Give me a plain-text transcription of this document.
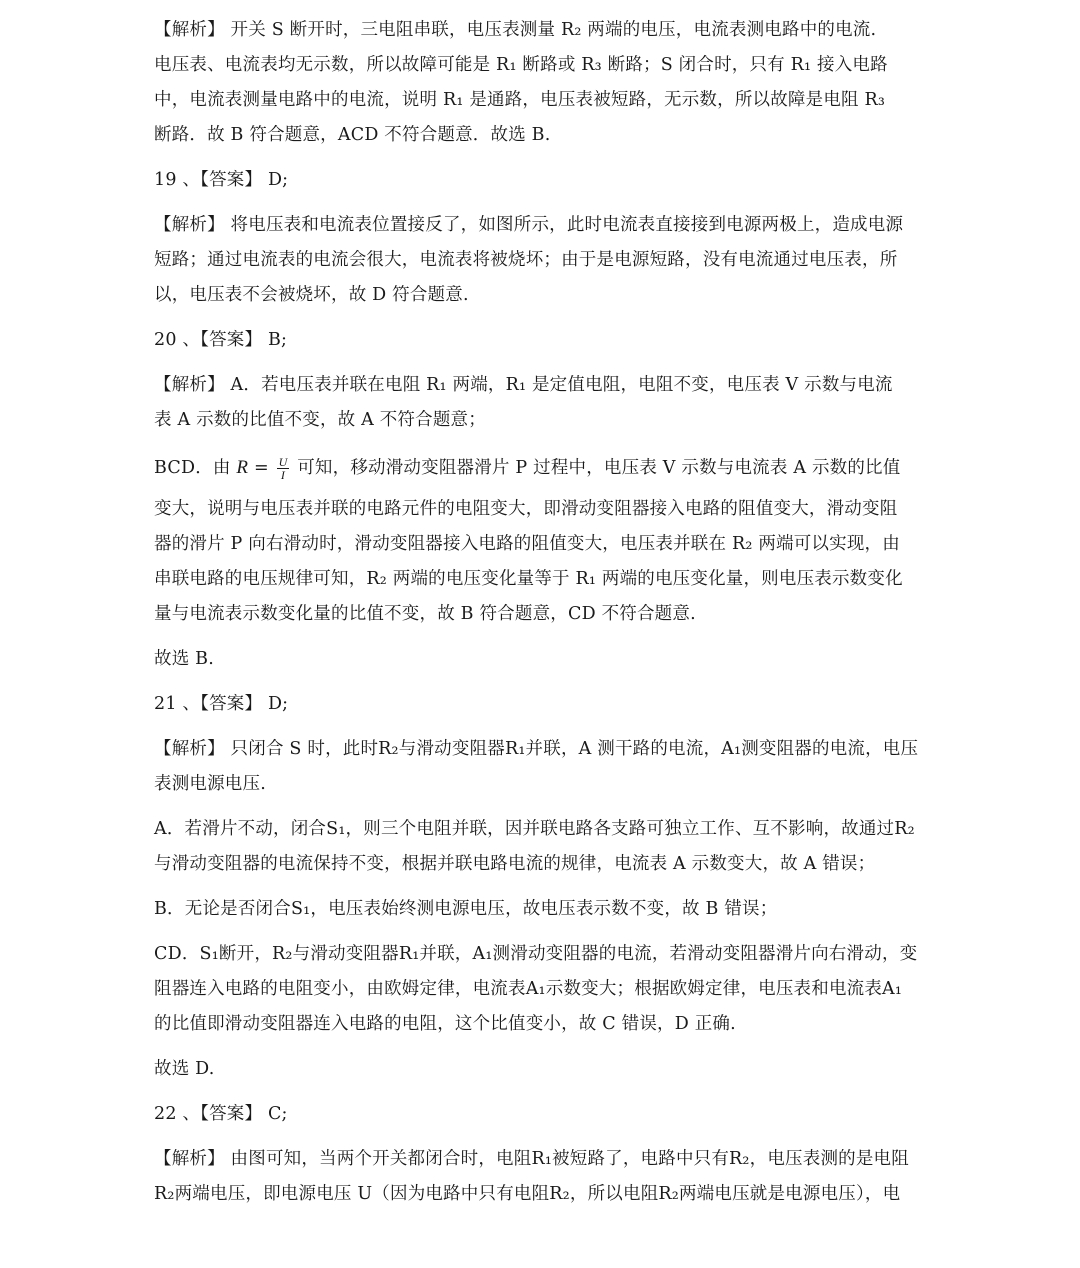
【解析】 开关 S 断开时，三电阻串联，电压表测量 R₂ 两端的电压，电流表测电路中的电流.
电压表、电流表均无示数，所以故障可能是 R₁ 断路或 R₃ 断路；S 闭合时，只有 R₁ 接入电路
中，电流表测量电路中的电流，说明 R₁ 是通路，电压表被短路，无示数，所以故障是电阻 R₃
断路．故 B 符合题意，ACD 不符合题意．故选 B.
19 、【答案】 D;
【解析】 将电压表和电流表位置接反了，如图所示，此时电流表直接接到电源两极上，造成电源
短路；通过电流表的电流会很大，电流表将被烧坏；由于是电源短路，没有电流通过电压表，所
以，电压表不会被烧坏，故 D 符合题意.
20 、【答案】 B;
【解析】 A．若电压表并联在电阻 R₁ 两端，R₁ 是定值电阻，电阻不变，电压表 V 示数与电流
表 A 示数的比值不变，故 A 不符合题意；
BCD．由 $R = \frac{U}{I}$ 可知，移动滑动变阻器滑片 P 过程中，电压表 V 示数与电流表 A 示数的比值
变大，说明与电压表并联的电路元件的电阻变大，即滑动变阻器接入电路的阻值变大，滑动变阻
器的滑片 P 向右滑动时，滑动变阻器接入电路的阻值变大，电压表并联在 R₂ 两端可以实现，由
串联电路的电压规律可知，R₂ 两端的电压变化量等于 R₁ 两端的电压变化量，则电压表示数变化
量与电流表示数变化量的比值不变，故 B 符合题意，CD 不符合题意.
故选 B.
21 、【答案】 D;
【解析】 只闭合 S 时，此时R₂与滑动变阻器R₁并联，A 测干路的电流，A₁测变阻器的电流，电压
表测电源电压.
A．若滑片不动，闭合S₁，则三个电阻并联，因并联电路各支路可独立工作、互不影响，故通过R₂
与滑动变阻器的电流保持不变，根据并联电路电流的规律，电流表 A 示数变大，故 A 错误；
B．无论是否闭合S₁，电压表始终测电源电压，故电压表示数不变，故 B 错误；
CD．S₁断开，R₂与滑动变阻器R₁并联，A₁测滑动变阻器的电流，若滑动变阻器滑片向右滑动，变
阻器连入电路的电阻变小，由欧姆定律，电流表A₁示数变大；根据欧姆定律，电压表和电流表A₁
的比值即滑动变阻器连入电路的电阻，这个比值变小，故 C 错误，D 正确.
故选 D.
22 、【答案】 C;
【解析】 由图可知，当两个开关都闭合时，电阻R₁被短路了，电路中只有R₂，电压表测的是电阻
R₂两端电压，即电源电压 U（因为电路中只有电阻R₂，所以电阻R₂两端电压就是电源电压），电
